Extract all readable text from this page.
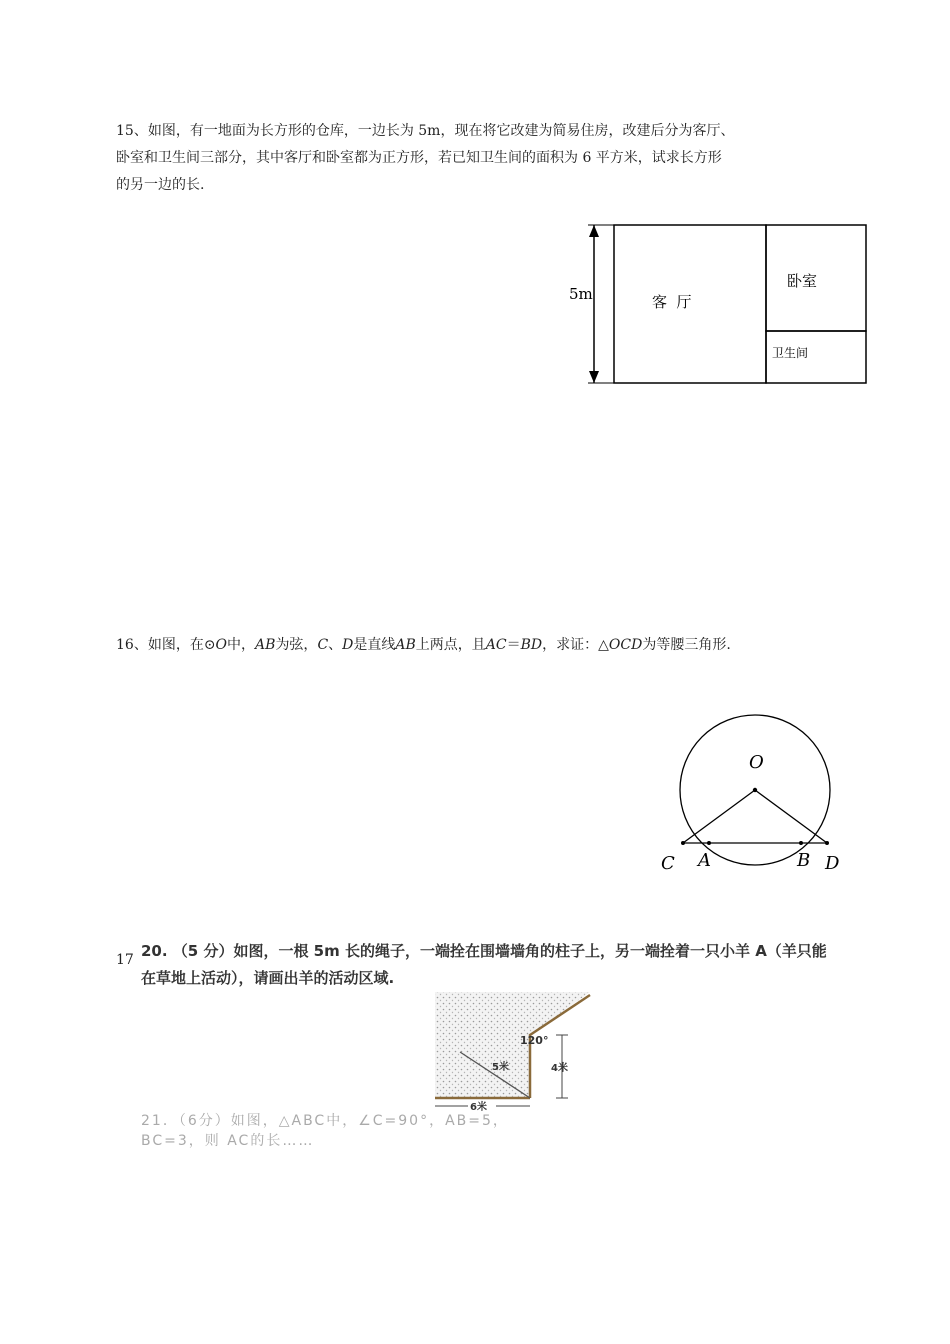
15、如图，有一地面为长方形的仓库，一边长为 5m，现在将它改建为简易住房，改建后分为客厅、
卧室和卫生间三部分，其中客厅和卧室都为正方形，若已知卫生间的面积为 6 平方米，试求长方形
的另一边的长.
5m	客  厅
卧室
卫生间
16、如图，在⊙O中，AB为弦，C、D是直线AB上两点，且AC＝BD，求证：△OCD为等腰三角形.
O
C A	B D
17 20. （5 分）如图，一根 5m 长的绳子，一端拴在围墙墙角的柱子上，另一端拴着一只小羊 A（羊只能
在草地上活动），请画出羊的活动区域.
120°
5米	4米
6米
21．（6分）如图，△ABC中，∠C=90°，AB=5，BC=3，则 AC的长……
